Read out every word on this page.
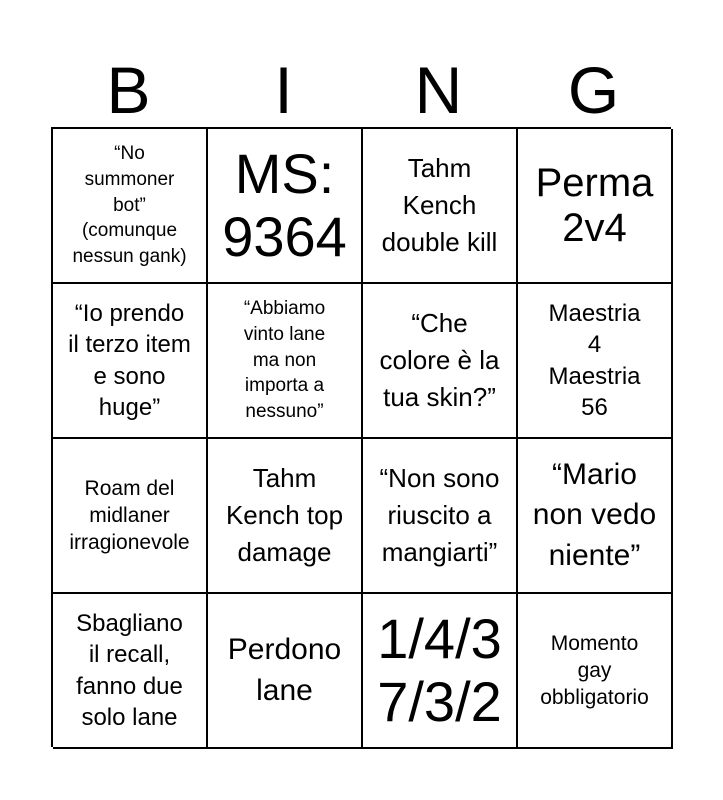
B	I	N	G
“No
summoner
bot”
(comunque
nessun gank)
MS:
9364
Tahm
Kench
double kill
Perma
2v4
“Io prendo
il terzo item
e sono
huge”
“Abbiamo
vinto lane
ma non
importa a
nessuno”
“Che
colore è la
tua skin?”
Maestria
4
Maestria
56
Roam del
midlaner
irragionevole
Tahm
Kench top
damage
“Non sono
riuscito a
mangiarti”
“Mario
non vedo
niente”
Sbagliano
il recall,
fanno due
solo lane
Perdono
lane
1/4/3
7/3/2
Momento
gay
obbligatorio
